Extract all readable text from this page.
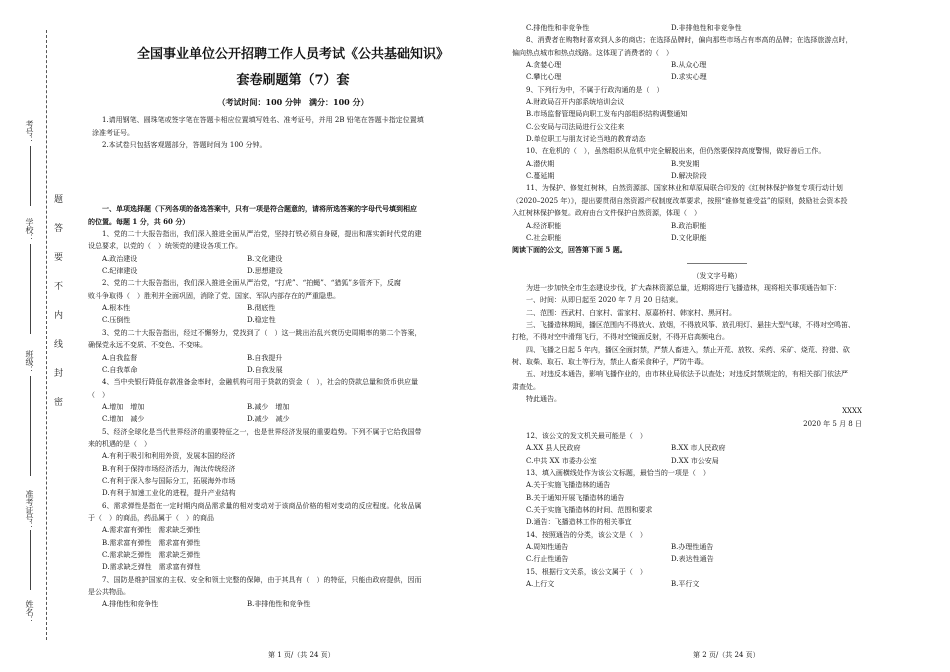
考号：
学校：
班级：
准考证号：
姓名：
密
封
线
内
不
要
答
题
全国事业单位公开招聘工作人员考试《公共基础知识》
套卷刷题第（7）套
（考试时间：100 分钟　满分：100 分）

1.请用钢笔、圆珠笔或签字笔在答题卡相应位置填写姓名、准考证号，并用 2B 铅笔在答题卡指定位置填

涂准考证号。

2.本试卷只包括客观题部分，答题时间为 100 分钟。

一、单项选择题（下列各项的备选答案中，只有一项是符合题意的，请将所选答案的字母代号填到相应

的位置。每题 1 分，共 60 分）

1、党的二十大报告指出，我们深入推进全面从严治党，坚持打铁必须自身硬，提出和落实新时代党的建

设总要求，以党的（　）统领党的建设各项工作。

A.政治建设	B.文化建设
C.纪律建设	D.思想建设

2、党的二十大报告指出，我们深入推进全面从严治党，“打虎”、“拍蝇”、“猎狐”多管齐下，反腐

败斗争取得（　）胜利并全面巩固，消除了党、国家、军队内部存在的严重隐患。

A.根本性	B.彻底性
C.压倒性	D.稳定性

3、党的二十大报告指出，经过不懈努力，党找到了（　）这一跳出治乱兴衰历史周期率的第二个答案，

确保党永远不变质、不变色、不变味。

A.自我监督	B.自我提升
C.自我革命	D.自我发展

4、当中央银行降低存款准备金率时，金融机构可用于贷款的资金（　），社会的贷款总量和货币供应量

（　）

A.增加　增加	B.减少　增加
C.增加　减少	D.减少　减少

5、经济全球化是当代世界经济的重要特征之一，也是世界经济发展的重要趋势。下列不属于它给我国带

来的机遇的是（　）

A.有利于吸引和利用外资，发展本国的经济

B.有利于保持市场经济活力，淘汰传统经济

C.有利于深入参与国际分工，拓展海外市场

D.有利于加速工业化的进程，提升产业结构

6、需求弹性是指在一定时期内商品需求量的相对变动对于该商品价格的相对变动的反应程度。化妆品属

于（　）的商品，药品属于（　）的商品

A.需求富有弹性　需求缺乏弹性

B.需求富有弹性　需求富有弹性

C.需求缺乏弹性　需求缺乏弹性

D.需求缺乏弹性　需求富有弹性

7、国防是维护国家的主权、安全和领土完整的保障，由于其具有（　）的特征，只能由政府提供，因而

是公共物品。

A.排他性和竞争性	B.非排他性和竞争性
C.排他性和非竞争性	D.非排他性和非竞争性

8、消费者在购物时喜欢到人多的商店；在选择品牌时，偏向那些市场占有率高的品牌；在选择旅游点时，

偏向热点城市和热点线路。这体现了消费者的（　）

A.贪婪心理	B.从众心理
C.攀比心理	D.求实心理

9、下列行为中，不属于行政沟通的是（　）

A.财政局召开内部系统培训会议

B.市场监督管理局向职工发布内部组织结构调整通知

C.公安局与司法局进行公文往来

D.单位职工与朋友讨论当地的教育动态

10、在危机的（　），虽然组织从危机中完全解脱出来，但仍然要保持高度警惕，做好善后工作。

A.潜伏期	B.突发期
C.蔓延期	D.解决阶段

11、为保护、修复红树林，自然资源部、国家林业和草原局联合印发的《红树林保护修复专项行动计划

（2020–2025 年）》，提出要贯彻自然资源产权制度改革要求，按照“谁修复谁受益”的原则，鼓励社会资本投

入红树林保护修复。政府由台文件保护自然资源，体现（　）

A.经济职能	B.政治职能
C.社会职能	D.文化职能

阅读下面的公文，回答第下面 5 题。

（发文字号略）

为进一步加快全市生态建设步伐，扩大森林资源总量，近期将进行飞播造林，现将相关事项通告如下：

一、时间：从即日起至 2020 年 7 月 20 日结束。

二、范围：西武村、白家村、雷家村、原嘉桥村、韩家村、黑河村。

三、飞播造林期间，播区范围内不得放火、放烟，不得放风筝、放孔明灯、悬挂大型气球，不得对空鸣笛、

打枪，不得对空中滑翔飞行，不得对空镜面反射，不得开启高频电台。

四、飞播之日起 5 年内，播区全面封禁，严禁人畜进入，禁止开荒、放牧、采药、采矿、烧荒、狩猎、砍

树、取柴、取石、取土等行为，禁止人畜采食种子，严防牛毒。

五、对违反本通告，影响飞播作业的，由市林业局依法予以查处；对违反封禁规定的，有相关部门依法严

肃查处。

特此通告。

XXXX

2020 年 5 月 8 日

12、该公文的发文机关最可能是（　）

A.XX 县人民政府	B.XX 市人民政府
C.中共 XX 市委办公室	D.XX 市公安局

13、填入画横线处作为该公文标题，最恰当的一项是（　）

A.关于实施飞播造林的通告

B.关于通知开展飞播造林的通告

C.关于实施飞播造林的时间、范围和要求

D.通告：飞播造林工作的相关事宜

14、按照通告的分类，该公文是（　）

A.周知性通告	B.办理性通告
C.行止性通告	D.表达性通告

15、根据行文关系，该公文属于（　）

A.上行文	B.平行文
第 1 页/（共 24 页）	第 2 页/（共 24 页）
